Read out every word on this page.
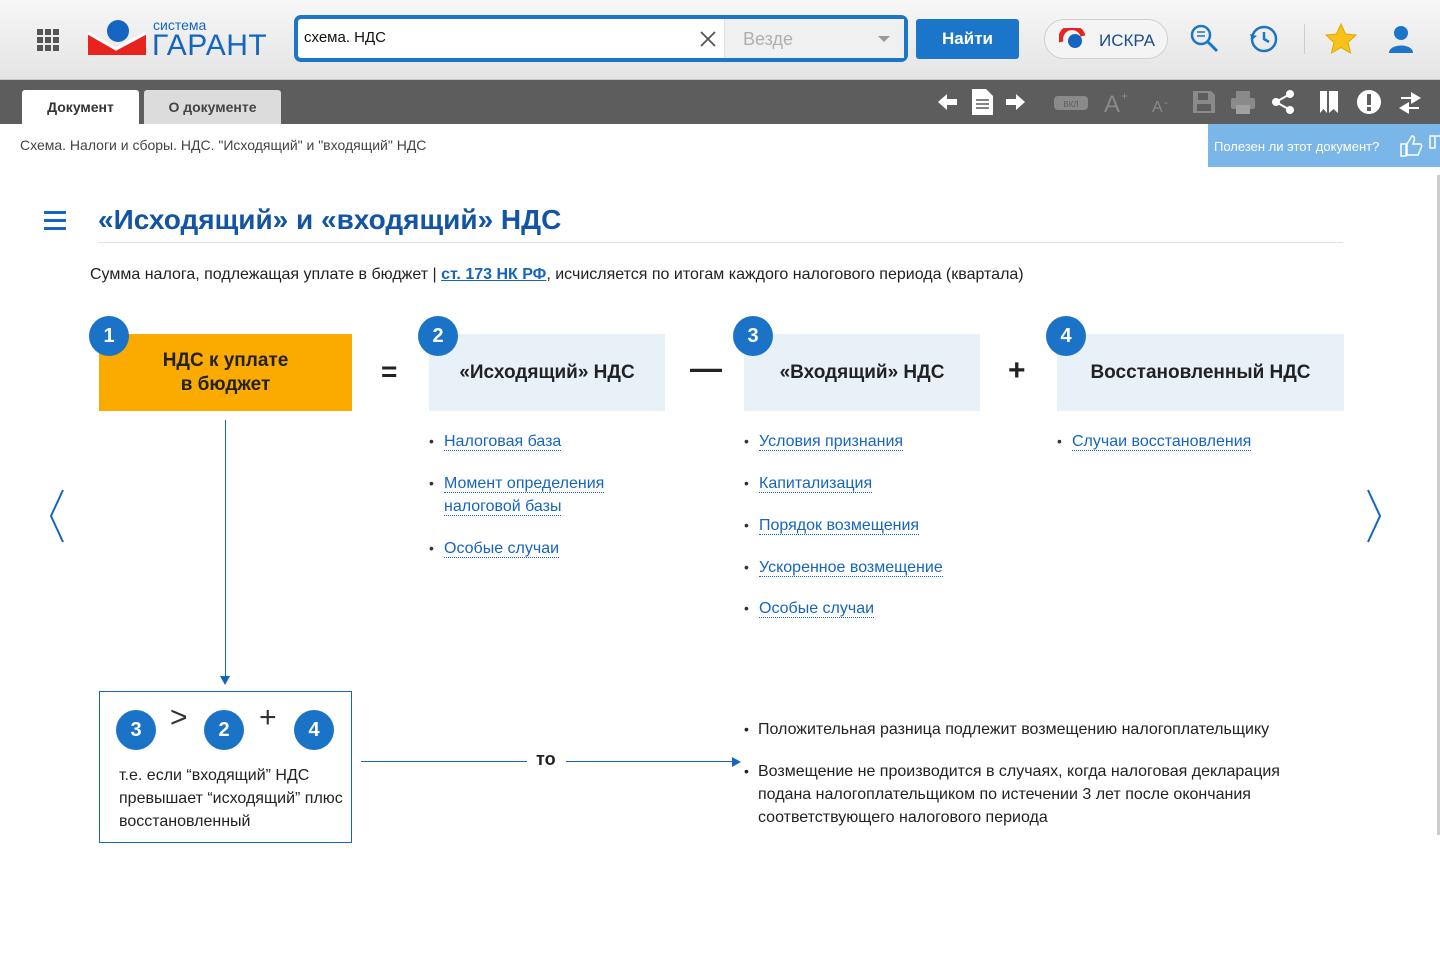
система
ГАРАНТ
схема. НДС	Везде	Найти	ИСКРА
Документ	О документе	ВКЛ A +
A -
Схема. Налоги и сборы. НДС. "Исходящий" и "входящий" НДС	Полезен ли этот документ?
«Исходящий» и «входящий» НДС

Сумма налога, подлежащая уплате в бюджет | ст. 173 НК РФ, исчисляется по итогам каждого налогового периода (квартала)

НДС к уплате
в бюджет
1
=	«Исходящий» НДС
2
—	«Входящий» НДС
3
+	Восстановленный НДС
4
• Налоговая база
• Момент определения налоговой базы
• Особые случаи
• Условия признания
• Капитализация
• Порядок возмещения
• Ускоренное возмещение
• Особые случаи
• Случаи восстановления
3 >	2 +	4
т.е. если “входящий” НДС превышает “исходящий” плюс восстановленный
то
• Положительная разница подлежит возмещению налогоплательщику
• Возмещение не производится в случаях, когда налоговая декларация подана налогоплательщиком по истечении 3 лет после окончания соответствующего налогового периода
